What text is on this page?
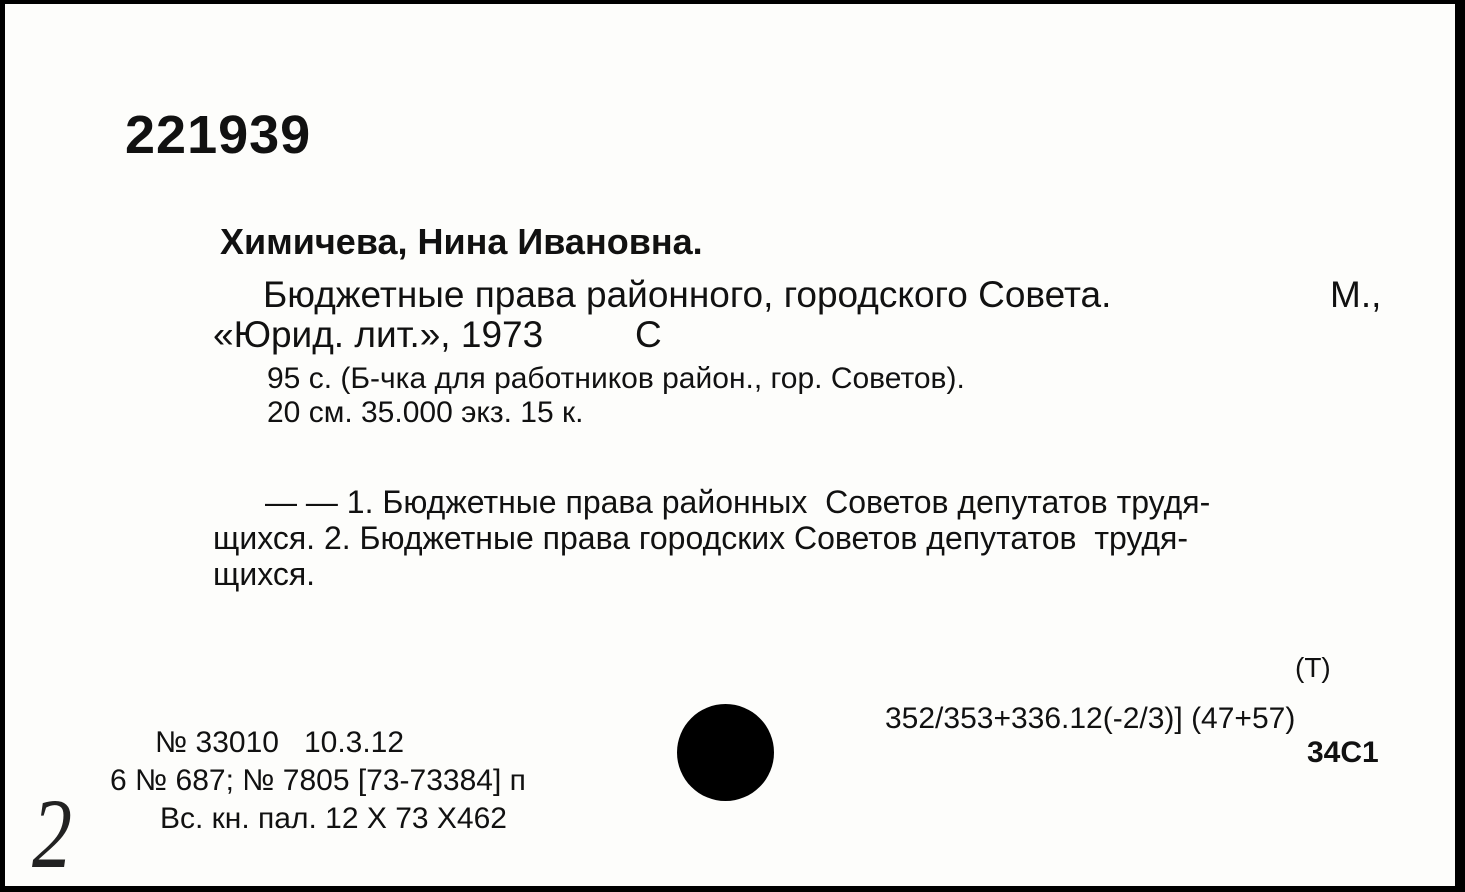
221939
Химичева, Нина Ивановна.
Бюджетные права районного, городского Совета.	М.,
«Юрид. лит.», 1973 С
95 с. (Б-чка для работников район., гор. Советов).
20 см. 35.000 экз. 15 к.
— — 1. Бюджетные права районных  Советов депутатов трудя-
щихся. 2. Бюджетные права городских Советов депутатов  трудя-
щихся.
(Т)
352/353+336.12(-2/3)] (47+57)
34С1
№ 33010   10.3.12
6 № 687; № 7805 [73-73384] п
Вс. кн. пал. 12 Х 73 Х462
2
